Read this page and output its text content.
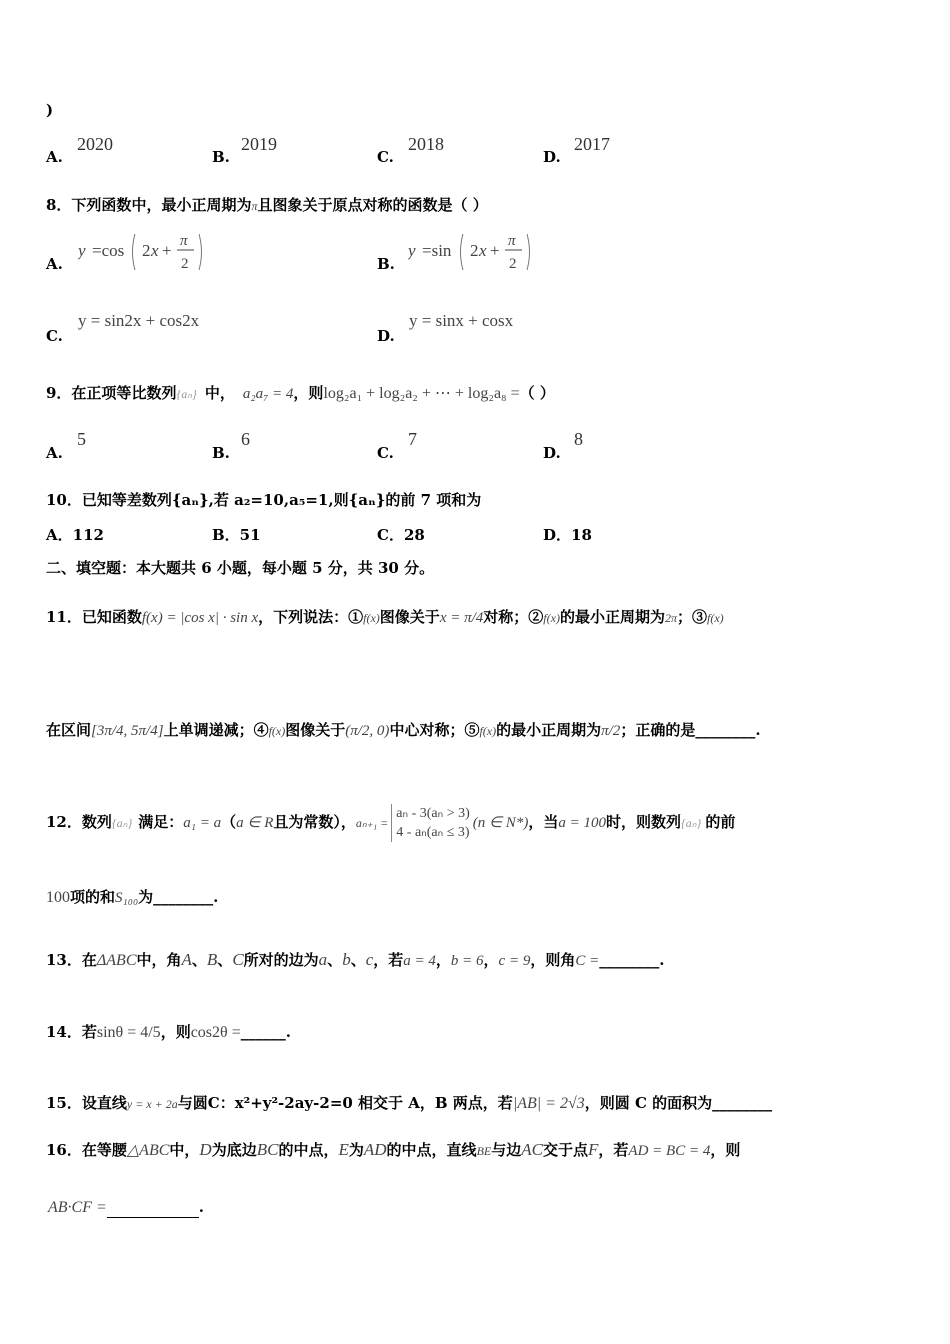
)
A.
2020
B.
2019
C.
2018
D.
2017
8．下列函数中，最小正周期为π且图象关于原点对称的函数是（ ）
A.
y =cos 2 x + π
2	B.
y =sin 2 x + π
2
C.
y = sin2x + cos2x
D.
y = sinx + cosx
9．在正项等比数列{aₙ} 中， a₂a₇ = 4，则log₂a₁ + log₂a₂ + ⋯ + log₂a₈ =（ ）
A.
5
B.
6
C.
7
D.
8
10．已知等差数列{aₙ},若 a₂=10,a₅=1,则{aₙ}的前 7 项和为
A．112	B．51	C．28	D．18
二、填空题：本大题共 6 小题，每小题 5 分，共 30 分。
11．已知函数f(x) = |cos x| · sin x，下列说法：①f(x)图像关于x = π/4对称；②f(x)的最小正周期为2π；③f(x)
在区间[3π/4, 5π/4]上单调递减；④f(x)图像关于(π/2, 0)中心对称；⑤f(x)的最小正周期为π/2；正确的是________.
12．数列{aₙ} 满足：a₁ = a（a ∈ R且为常数），aₙ₊₁ =
aₙ - 3(aₙ > 3)
4 - aₙ(aₙ ≤ 3)
(n ∈ N*)，当a = 100时，则数列{aₙ} 的前
100项的和S₁₀₀为________.
13．在ΔABC中，角A、B、C所对的边为a、b、c，若a = 4，b = 6，c = 9，则角C =________.
14．若sinθ = 4/5，则cos2θ =______.
15．设直线y = x + 2a与圆C：x²+y²-2ay-2=0 相交于 A，B 两点，若|AB| = 2√3，则圆 C 的面积为________
16．在等腰△ABC中，D为底边BC的中点，E为AD的中点，直线BE与边AC交于点F，若AD = BC = 4，则
AB·CF =	.
